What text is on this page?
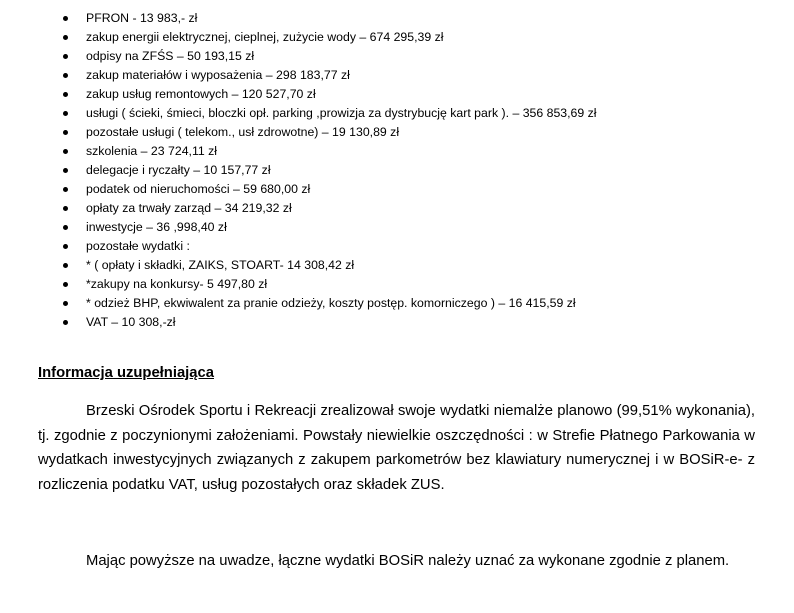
PFRON - 13 983,- zł
zakup energii elektrycznej, cieplnej, zużycie wody – 674 295,39 zł
odpisy na ZFŚS – 50 193,15 zł
zakup materiałów i wyposażenia – 298 183,77 zł
zakup usług remontowych – 120 527,70 zł
usługi ( ścieki, śmieci, bloczki opł. parking ,prowizja za dystrybucję kart park ). – 356 853,69 zł
pozostałe usługi ( telekom., usł zdrowotne) – 19 130,89 zł
szkolenia – 23 724,11 zł
delegacje i ryczałty – 10 157,77 zł
podatek od nieruchomości – 59 680,00 zł
opłaty za trwały zarząd – 34 219,32 zł
inwestycje – 36 ,998,40 zł
pozostałe wydatki :
* ( opłaty i składki, ZAIKS, STOART- 14 308,42 zł
*zakupy na konkursy- 5 497,80 zł
* odzież BHP, ekwiwalent za pranie odzieży, koszty postęp. komorniczego ) – 16 415,59 zł
VAT – 10 308,-zł
Informacja uzupełniająca

Brzeski Ośrodek Sportu i Rekreacji zrealizował swoje wydatki niemalże planowo (99,51% wykonania), tj. zgodnie z poczynionymi założeniami. Powstały niewielkie oszczędności : w Strefie Płatnego Parkowania w wydatkach inwestycyjnych związanych z zakupem parkometrów bez klawiatury numerycznej i w BOSiR-e- z rozliczenia podatku VAT, usług pozostałych oraz składek ZUS.

Mając powyższe na uwadze, łączne wydatki BOSiR należy uznać za wykonane zgodnie z planem.
